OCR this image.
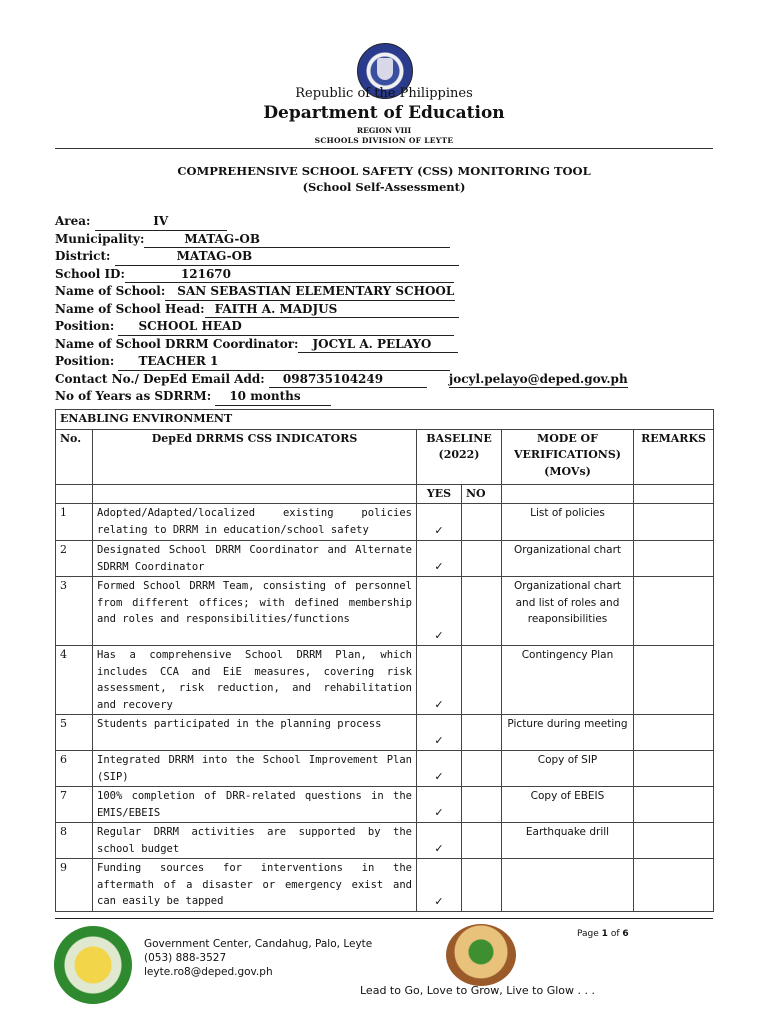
Republic of the Philippines
Department of Education
REGION VIII
SCHOOLS DIVISION OF LEYTE
COMPREHENSIVE SCHOOL SAFETY (CSS) MONITORING TOOL
(School Self-Assessment)
Area:	IV
Municipality:	MATAG-OB
District:	MATAG-OB
School ID:	121670
Name of School: SAN SEBASTIAN ELEMENTARY SCHOOL
Name of School Head: FAITH A. MADJUS
Position: SCHOOL HEAD
Name of School DRRM Coordinator: JOCYL A. PELAYO
Position: TEACHER 1
Contact No./ DepEd Email Add: 098735104249	jocyl.pelayo@deped.gov.ph
No of Years as SDRRM: 10 months
ENABLING ENVIRONMENT					
No.	DepEd DRRMS CSS INDICATORS	BASELINE (2022)		MODE OF VERIFICATIONS) (MOVs)	REMARKS

		YES	NO		
1	Adopted/Adapted/localized existing policies relating to DRRM in education/school safety	✓		List of policies	
2	Designated School DRRM Coordinator and Alternate SDRRM Coordinator	✓		Organizational chart	
3	Formed School DRRM Team, consisting of personnel from different offices; with defined membership and roles and responsibilities/functions	✓		Organizational chart and list of roles and reaponsibilities	
4	Has a comprehensive School DRRM Plan, which includes CCA and EiE measures, covering risk assessment, risk reduction, and rehabilitation and recovery	✓		Contingency Plan	
5	Students participated in the planning process	✓		Picture during meeting	
6	Integrated DRRM into the School Improvement Plan (SIP)	✓		Copy of SIP	
7	100% completion of DRR-related questions in the EMIS/EBEIS	✓		Copy of EBEIS	
8	Regular DRRM activities are supported by the school budget	✓		Earthquake drill	
9	Funding sources for interventions in the aftermath of a disaster or emergency exist and can easily be tapped	✓			
Government Center, Candahug, Palo, Leyte
(053) 888-3527
leyte.ro8@deped.gov.ph
Page 1 of 6
Lead to Go, Love to Grow, Live to Glow . . .
